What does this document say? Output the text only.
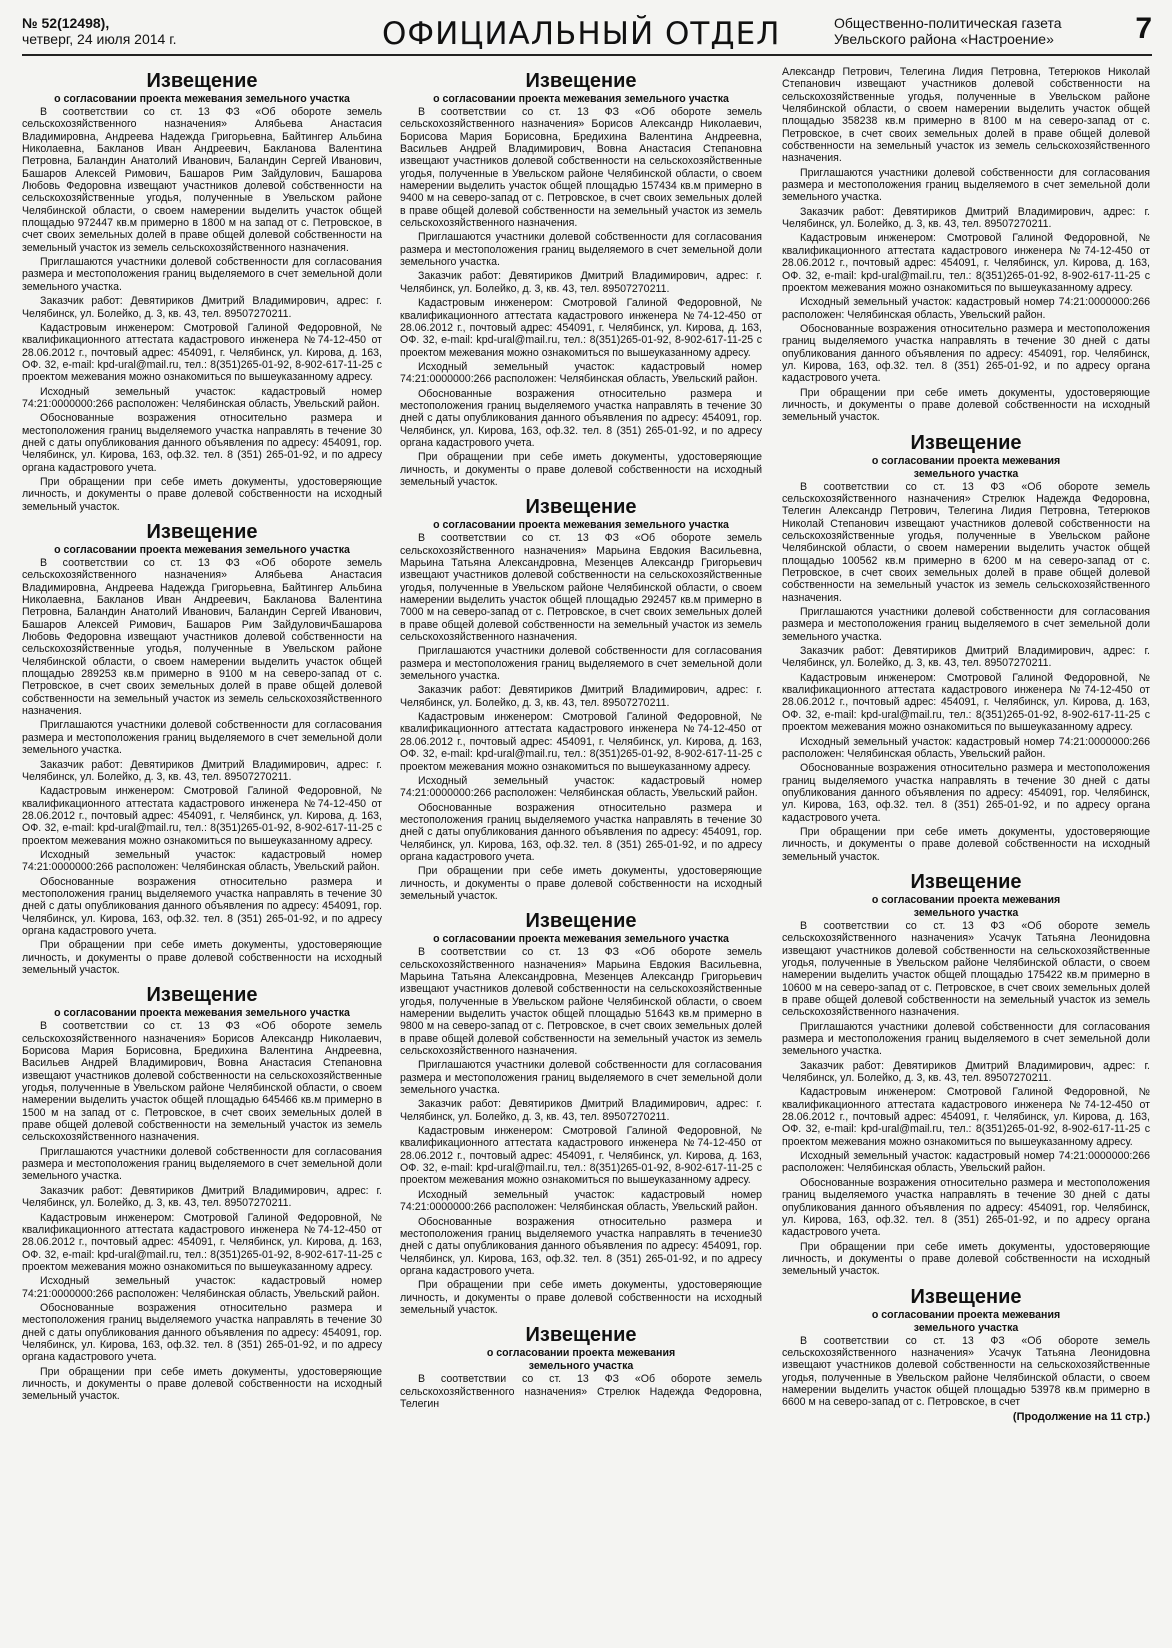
№ 52(12498),
четверг, 24 июля 2014 г.	ОФИЦИАЛЬНЫЙ ОТДЕЛ	Общественно-политическая газета
Увельского района «Настроение»	7
Извещение
о согласовании проекта межевания земельного участка

В соответствии со ст. 13 ФЗ «Об обороте земель сельскохозяйственного назначения» Алябьева Анастасия Владимировна, Андреева Надежда Григорьевна, Байтингер Альбина Николаевна, Бакланов Иван Андреевич, Бакланова Валентина Петровна, Баландин Анатолий Иванович, Баландин Сергей Иванович, Башаров Алексей Римович, Башаров Рим Зайдулович, Башарова Любовь Федоровна извещают участников долевой собственности на сельскохозяйственные угодья, полученные в Увельском районе Челябинской области, о своем намерении выделить участок общей площадью 972447 кв.м примерно в 1800 м на запад от с. Петровское, в счет своих земельных долей в праве общей долевой собственности на земельный участок из земель сельскохозяйственного назначения.

Приглашаются участники долевой собственности для согласования размера и местоположения границ выделяемого в счет земельной доли земельного участка.

Заказчик работ: Девятириков Дмитрий Владимирович, адрес: г. Челябинск, ул. Болейко, д. 3, кв. 43, тел. 89507270211.

Кадастровым инженером: Смотровой Галиной Федоровной, № квалификационного аттестата кадастрового инженера №74-12-450 от 28.06.2012 г., почтовый адрес: 454091, г. Челябинск, ул. Кирова, д. 163, ОФ. 32, e-mail: kpd-ural@mail.ru, тел.: 8(351)265-01-92, 8-902-617-11-25 с проектом межевания можно ознакомиться по вышеуказанному адресу.

Исходный земельный участок: кадастровый номер 74:21:0000000:266 расположен: Челябинская область, Увельский район.

Обоснованные возражения относительно размера и местоположения границ выделяемого участка направлять в течение 30 дней с даты опубликования данного объявления по адресу: 454091, гор. Челябинск, ул. Кирова, 163, оф.32. тел. 8 (351) 265-01-92, и по адресу органа кадастрового учета.

При обращении при себе иметь документы, удостоверяющие личность, и документы о праве долевой собственности на исходный земельный участок.

Извещение
о согласовании проекта межевания земельного участка

В соответствии со ст. 13 ФЗ «Об обороте земель сельскохозяйственного назначения» Алябьева Анастасия Владимировна, Андреева Надежда Григорьевна, Байтингер Альбина Николаевна, Бакланов Иван Андреевич, Бакланова Валентина Петровна, Баландин Анатолий Иванович, Баландин Сергей Иванович, Башаров Алексей Римович, Башаров Рим ЗайдуловичБашарова Любовь Федоровна извещают участников долевой собственности на сельскохозяйственные угодья, полученные в Увельском районе Челябинской области, о своем намерении выделить участок общей площадью 289253 кв.м примерно в 9100 м на северо-запад от с. Петровское, в счет своих земельных долей в праве общей долевой собственности на земельный участок из земель сельскохозяйственного назначения.

Приглашаются участники долевой собственности для согласования размера и местоположения границ выделяемого в счет земельной доли земельного участка.

Заказчик работ: Девятириков Дмитрий Владимирович, адрес: г. Челябинск, ул. Болейко, д. 3, кв. 43, тел. 89507270211.

Кадастровым инженером: Смотровой Галиной Федоровной, № квалификационного аттестата кадастрового инженера №74-12-450 от 28.06.2012 г., почтовый адрес: 454091, г. Челябинск, ул. Кирова, д. 163, ОФ. 32, e-mail: kpd-ural@mail.ru, тел.: 8(351)265-01-92, 8-902-617-11-25 с проектом межевания можно ознакомиться по вышеуказанному адресу.

Исходный земельный участок: кадастровый номер 74:21:0000000:266 расположен: Челябинская область, Увельский район.

Обоснованные возражения относительно размера и местоположения границ выделяемого участка направлять в течение 30 дней с даты опубликования данного объявления по адресу: 454091, гор. Челябинск, ул. Кирова, 163, оф.32. тел. 8 (351) 265-01-92, и по адресу органа кадастрового учета.

При обращении при себе иметь документы, удостоверяющие личность, и документы о праве долевой собственности на исходный земельный участок.

Извещение
о согласовании проекта межевания земельного участка

В соответствии со ст. 13 ФЗ «Об обороте земель сельскохозяйственного назначения» Борисов Александр Николаевич, Борисова Мария Борисовна, Бредихина Валентина Андреевна, Васильев Андрей Владимирович, Вовна Анастасия Степановна извещают участников долевой собственности на сельскохозяйственные угодья, полученные в Увельском районе Челябинской области, о своем намерении выделить участок общей площадью 645466 кв.м примерно в 1500 м на запад от с. Петровское, в счет своих земельных долей в праве общей долевой собственности на земельный участок из земель сельскохозяйственного назначения.

Приглашаются участники долевой собственности для согласования размера и местоположения границ выделяемого в счет земельной доли земельного участка.

Заказчик работ: Девятириков Дмитрий Владимирович, адрес: г. Челябинск, ул. Болейко, д. 3, кв. 43, тел. 89507270211.

Кадастровым инженером: Смотровой Галиной Федоровной, № квалификационного аттестата кадастрового инженера №74-12-450 от 28.06.2012 г., почтовый адрес: 454091, г. Челябинск, ул. Кирова, д. 163, ОФ. 32, e-mail: kpd-ural@mail.ru, тел.: 8(351)265-01-92, 8-902-617-11-25 с проектом межевания можно ознакомиться по вышеуказанному адресу.

Исходный земельный участок: кадастровый номер 74:21:0000000:266 расположен: Челябинская область, Увельский район.

Обоснованные возражения относительно размера и местоположения границ выделяемого участка направлять в течение 30 дней с даты опубликования данного объявления по адресу: 454091, гор. Челябинск, ул. Кирова, 163, оф.32. тел. 8 (351) 265-01-92, и по адресу органа кадастрового учета.

При обращении при себе иметь документы, удостоверяющие личность, и документы о праве долевой собственности на исходный земельный участок.

Извещение
о согласовании проекта межевания земельного участка

В соответствии со ст. 13 ФЗ «Об обороте земель сельскохозяйственного назначения» Борисов Александр Николаевич, Борисова Мария Борисовна, Бредихина Валентина Андреевна, Васильев Андрей Владимирович, Вовна Анастасия Степановна извещают участников долевой собственности на сельскохозяйственные угодья, полученные в Увельском районе Челябинской области, о своем намерении выделить участок общей площадью 157434 кв.м примерно в 9400 м на северо-запад от с. Петровское, в счет своих земельных долей в праве общей долевой собственности на земельный участок из земель сельскохозяйственного назначения.

Приглашаются участники долевой собственности для согласования размера и местоположения границ выделяемого в счет земельной доли земельного участка.

Заказчик работ: Девятириков Дмитрий Владимирович, адрес: г. Челябинск, ул. Болейко, д. 3, кв. 43, тел. 89507270211.

Кадастровым инженером: Смотровой Галиной Федоровной, № квалификационного аттестата кадастрового инженера №74-12-450 от 28.06.2012 г., почтовый адрес: 454091, г. Челябинск, ул. Кирова, д. 163, ОФ. 32, e-mail: kpd-ural@mail.ru, тел.: 8(351)265-01-92, 8-902-617-11-25 с проектом межевания можно ознакомиться по вышеуказанному адресу.

Исходный земельный участок: кадастровый номер 74:21:0000000:266 расположен: Челябинская область, Увельский район.

Обоснованные возражения относительно размера и местоположения границ выделяемого участка направлять в течение 30 дней с даты опубликования данного объявления по адресу: 454091, гор. Челябинск, ул. Кирова, 163, оф.32. тел. 8 (351) 265-01-92, и по адресу органа кадастрового учета.

При обращении при себе иметь документы, удостоверяющие личность, и документы о праве долевой собственности на исходный земельный участок.

Извещение
о согласовании проекта межевания земельного участка

В соответствии со ст. 13 ФЗ «Об обороте земель сельскохозяйственного назначения» Марьина Евдокия Васильевна, Марьина Татьяна Александровна, Мезенцев Александр Григорьевич извещают участников долевой собственности на сельскохозяйственные угодья, полученные в Увельском районе Челябинской области, о своем намерении выделить участок общей площадью 292457 кв.м примерно в 7000 м на северо-запад от с. Петровское, в счет своих земельных долей в праве общей долевой собственности на земельный участок из земель сельскохозяйственного назначения.

Приглашаются участники долевой собственности для согласования размера и местоположения границ выделяемого в счет земельной доли земельного участка.

Заказчик работ: Девятириков Дмитрий Владимирович, адрес: г. Челябинск, ул. Болейко, д. 3, кв. 43, тел. 89507270211.

Кадастровым инженером: Смотровой Галиной Федоровной, № квалификационного аттестата кадастрового инженера №74-12-450 от 28.06.2012 г., почтовый адрес: 454091, г. Челябинск, ул. Кирова, д. 163, ОФ. 32, e-mail: kpd-ural@mail.ru, тел.: 8(351)265-01-92, 8-902-617-11-25 с проектом межевания можно ознакомиться по вышеуказанному адресу.

Исходный земельный участок: кадастровый номер 74:21:0000000:266 расположен: Челябинская область, Увельский район.

Обоснованные возражения относительно размера и местоположения границ выделяемого участка направлять в течение 30 дней с даты опубликования данного объявления по адресу: 454091, гор. Челябинск, ул. Кирова, 163, оф.32. тел. 8 (351) 265-01-92, и по адресу органа кадастрового учета.

При обращении при себе иметь документы, удостоверяющие личность, и документы о праве долевой собственности на исходный земельный участок.

Извещение
о согласовании проекта межевания земельного участка

В соответствии со ст. 13 ФЗ «Об обороте земель сельскохозяйственного назначения» Марьина Евдокия Васильевна, Марьина Татьяна Александровна, Мезенцев Александр Григорьевич извещают участников долевой собственности на сельскохозяйственные угодья, полученные в Увельском районе Челябинской области, о своем намерении выделить участок общей площадью 51643 кв.м примерно в 9800 м на северо-запад от с. Петровское, в счет своих земельных долей в праве общей долевой собственности на земельный участок из земель сельскохозяйственного назначения.

Приглашаются участники долевой собственности для согласования размера и местоположения границ выделяемого в счет земельной доли земельного участка.

Заказчик работ: Девятириков Дмитрий Владимирович, адрес: г. Челябинск, ул. Болейко, д. 3, кв. 43, тел. 89507270211.

Кадастровым инженером: Смотровой Галиной Федоровной, № квалификационного аттестата кадастрового инженера №74-12-450 от 28.06.2012 г., почтовый адрес: 454091, г. Челябинск, ул. Кирова, д. 163, ОФ. 32, e-mail: kpd-ural@mail.ru, тел.: 8(351)265-01-92, 8-902-617-11-25 с проектом межевания можно ознакомиться по вышеуказанному адресу.

Исходный земельный участок: кадастровый номер 74:21:0000000:266 расположен: Челябинская область, Увельский район.

Обоснованные возражения относительно размера и местоположения границ выделяемого участка направлять в течение30 дней с даты опубликования данного объявления по адресу: 454091, гор. Челябинск, ул. Кирова, 163, оф.32. тел. 8 (351) 265-01-92, и по адресу органа кадастрового учета.

При обращении при себе иметь документы, удостоверяющие личность, и документы о праве долевой собственности на исходный земельный участок.

Извещение
о согласовании проекта межевания
земельного участка

В соответствии со ст. 13 ФЗ «Об обороте земель сельскохозяйственного назначения» Стрелюк Надежда Федоровна, Телегин

Александр Петрович, Телегина Лидия Петровна, Тетерюков Николай Степанович извещают участников долевой собственности на сельскохозяйственные угодья, полученные в Увельском районе Челябинской области, о своем намерении выделить участок общей площадью 358238 кв.м примерно в 8100 м на северо-запад от с. Петровское, в счет своих земельных долей в праве общей долевой собственности на земельный участок из земель сельскохозяйственного назначения.

Приглашаются участники долевой собственности для согласования размера и местоположения границ выделяемого в счет земельной доли земельного участка.

Заказчик работ: Девятириков Дмитрий Владимирович, адрес: г. Челябинск, ул. Болейко, д. 3, кв. 43, тел. 89507270211.

Кадастровым инженером: Смотровой Галиной Федоровной, № квалификационного аттестата кадастрового инженера №74-12-450 от 28.06.2012 г., почтовый адрес: 454091, г. Челябинск, ул. Кирова, д. 163, ОФ. 32, e-mail: kpd-ural@mail.ru, тел.: 8(351)265-01-92, 8-902-617-11-25 с проектом межевания можно ознакомиться по вышеуказанному адресу.

Исходный земельный участок: кадастровый номер 74:21:0000000:266 расположен: Челябинская область, Увельский район.

Обоснованные возражения относительно размера и местоположения границ выделяемого участка направлять в течение 30 дней с даты опубликования данного объявления по адресу: 454091, гор. Челябинск, ул. Кирова, 163, оф.32. тел. 8 (351) 265-01-92, и по адресу органа кадастрового учета.

При обращении при себе иметь документы, удостоверяющие личность, и документы о праве долевой собственности на исходный земельный участок.

Извещение
о согласовании проекта межевания
земельного участка

В соответствии со ст. 13 ФЗ «Об обороте земель сельскохозяйственного назначения» Стрелюк Надежда Федоровна, Телегин Александр Петрович, Телегина Лидия Петровна, Тетерюков Николай Степанович извещают участников долевой собственности на сельскохозяйственные угодья, полученные в Увельском районе Челябинской области, о своем намерении выделить участок общей площадью 100562 кв.м примерно в 6200 м на северо-запад от с. Петровское, в счет своих земельных долей в праве общей долевой собственности на земельный участок из земель сельскохозяйственного назначения.

Приглашаются участники долевой собственности для согласования размера и местоположения границ выделяемого в счет земельной доли земельного участка.

Заказчик работ: Девятириков Дмитрий Владимирович, адрес: г. Челябинск, ул. Болейко, д. 3, кв. 43, тел. 89507270211.

Кадастровым инженером: Смотровой Галиной Федоровной, № квалификационного аттестата кадастрового инженера №74-12-450 от 28.06.2012 г., почтовый адрес: 454091, г. Челябинск, ул. Кирова, д. 163, ОФ. 32, e-mail: kpd-ural@mail.ru, тел.: 8(351)265-01-92, 8-902-617-11-25 с проектом межевания можно ознакомиться по вышеуказанному адресу.

Исходный земельный участок: кадастровый номер 74:21:0000000:266 расположен: Челябинская область, Увельский район.

Обоснованные возражения относительно размера и местоположения границ выделяемого участка направлять в течение 30 дней с даты опубликования данного объявления по адресу: 454091, гор. Челябинск, ул. Кирова, 163, оф.32. тел. 8 (351) 265-01-92, и по адресу органа кадастрового учета.

При обращении при себе иметь документы, удостоверяющие личность, и документы о праве долевой собственности на исходный земельный участок.

Извещение
о согласовании проекта межевания
земельного участка

В соответствии со ст. 13 ФЗ «Об обороте земель сельскохозяйственного назначения» Усачук Татьяна Леонидовна извещают участников долевой собственности на сельскохозяйственные угодья, полученные в Увельском районе Челябинской области, о своем намерении выделить участок общей площадью 175422 кв.м примерно в 10600 м на северо-запад от с. Петровское, в счет своих земельных долей в праве общей долевой собственности на земельный участок из земель сельскохозяйственного назначения.

Приглашаются участники долевой собственности для согласования размера и местоположения границ выделяемого в счет земельной доли земельного участка.

Заказчик работ: Девятириков Дмитрий Владимирович, адрес: г. Челябинск, ул. Болейко, д. 3, кв. 43, тел. 89507270211.

Кадастровым инженером: Смотровой Галиной Федоровной, № квалификационного аттестата кадастрового инженера №74-12-450 от 28.06.2012 г., почтовый адрес: 454091, г. Челябинск, ул. Кирова, д. 163, ОФ. 32, e-mail: kpd-ural@mail.ru, тел.: 8(351)265-01-92, 8-902-617-11-25 с проектом межевания можно ознакомиться по вышеуказанному адресу.

Исходный земельный участок: кадастровый номер 74:21:0000000:266 расположен: Челябинская область, Увельский район.

Обоснованные возражения относительно размера и местоположения границ выделяемого участка направлять в течение 30 дней с даты опубликования данного объявления по адресу: 454091, гор. Челябинск, ул. Кирова, 163, оф.32. тел. 8 (351) 265-01-92, и по адресу органа кадастрового учета.

При обращении при себе иметь документы, удостоверяющие личность, и документы о праве долевой собственности на исходный земельный участок.

Извещение
о согласовании проекта межевания
земельного участка

В соответствии со ст. 13 ФЗ «Об обороте земель сельскохозяйственного назначения» Усачук Татьяна Леонидовна извещают участников долевой собственности на сельскохозяйственные угодья, полученные в Увельском районе Челябинской области, о своем намерении выделить участок общей площадью 53978 кв.м примерно в 6600 м на северо-запад от с. Петровское, в счет

(Продолжение на 11 стр.)
